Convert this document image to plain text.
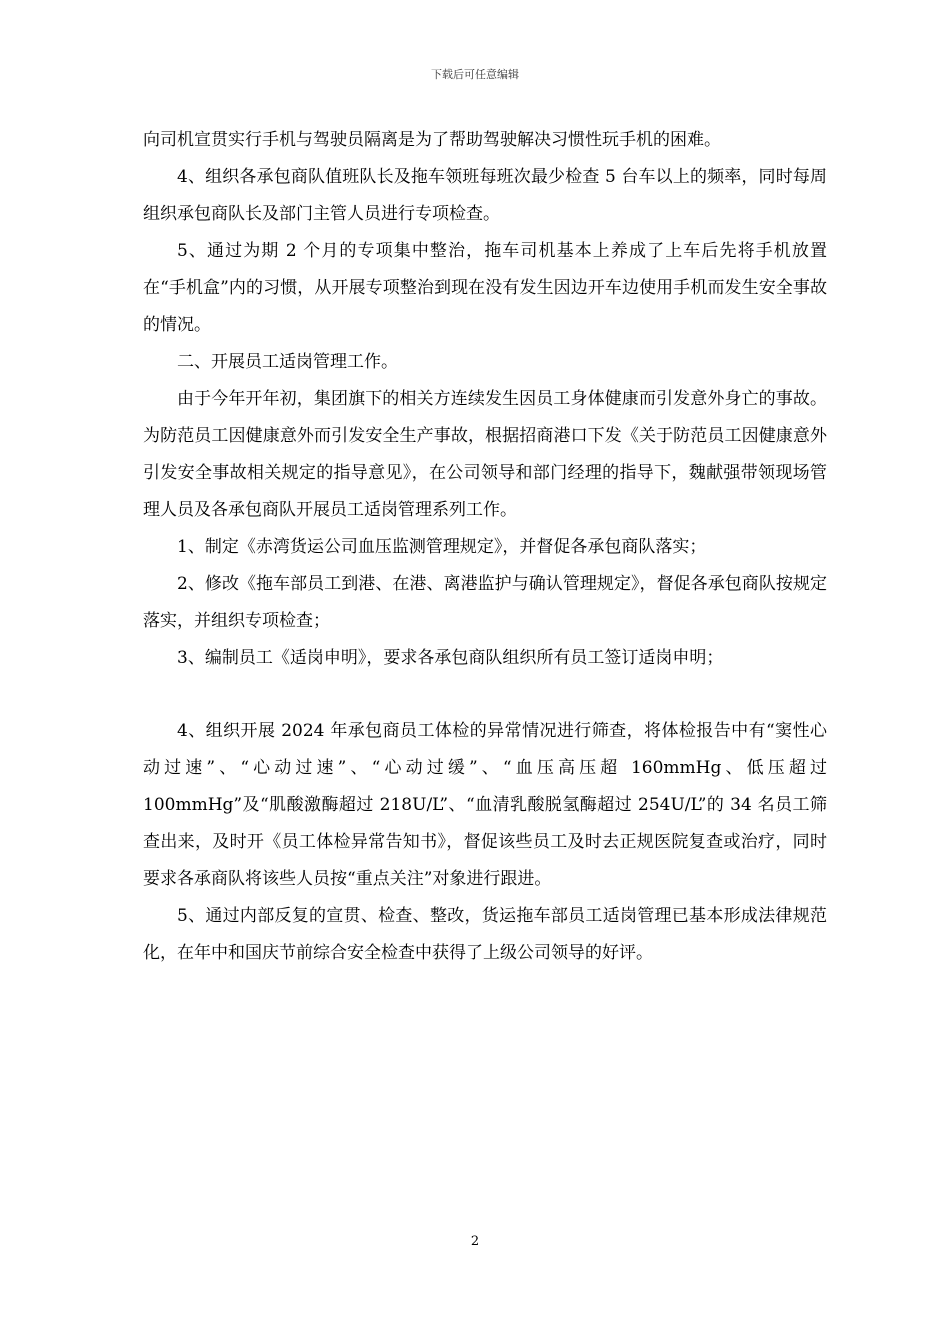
下载后可任意编辑

向司机宣贯实行手机与驾驶员隔离是为了帮助驾驶解决习惯性玩手机的困难。

4、组织各承包商队值班队长及拖车领班每班次最少检查 5 台车以上的频率，同时每周组织承包商队长及部门主管人员进行专项检查。

5、通过为期 2 个月的专项集中整治，拖车司机基本上养成了上车后先将手机放置在“手机盒”内的习惯，从开展专项整治到现在没有发生因边开车边使用手机而发生安全事故的情况。

二、开展员工适岗管理工作。

由于今年开年初，集团旗下的相关方连续发生因员工身体健康而引发意外身亡的事故。为防范员工因健康意外而引发安全生产事故，根据招商港口下发《关于防范员工因健康意外引发安全事故相关规定的指导意见》，在公司领导和部门经理的指导下，魏献强带领现场管理人员及各承包商队开展员工适岗管理系列工作。

1、制定《赤湾货运公司血压监测管理规定》，并督促各承包商队落实；

2、修改《拖车部员工到港、在港、离港监护与确认管理规定》，督促各承包商队按规定落实，并组织专项检查；

3、编制员工《适岗申明》，要求各承包商队组织所有员工签订适岗申明；

4、组织开展 2024 年承包商员工体检的异常情况进行筛查，将体检报告中有“窦性心动过速”、“心动过速”、“心动过缓”、“血压高压超 160mmHg、低压超过 100mmHg”及“肌酸激酶超过 218U/L”、“血清乳酸脱氢酶超过 254U/L”的 34 名员工筛查出来，及时开《员工体检异常告知书》，督促该些员工及时去正规医院复查或治疗，同时要求各承商队将该些人员按“重点关注”对象进行跟进。

5、通过内部反复的宣贯、检查、整改，货运拖车部员工适岗管理已基本形成法律规范化，在年中和国庆节前综合安全检查中获得了上级公司领导的好评。

2
